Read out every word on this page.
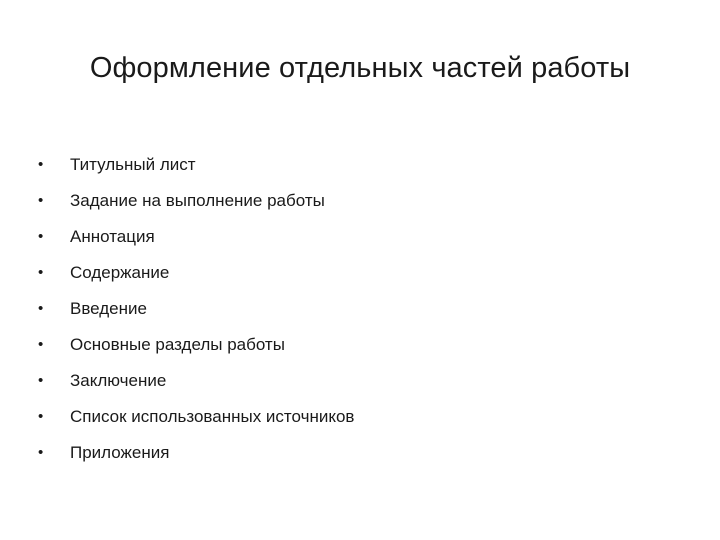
Оформление отдельных частей работы
• Титульный лист
• Задание на выполнение работы
• Аннотация
• Содержание
• Введение
• Основные разделы работы
• Заключение
• Список использованных источников
• Приложения
